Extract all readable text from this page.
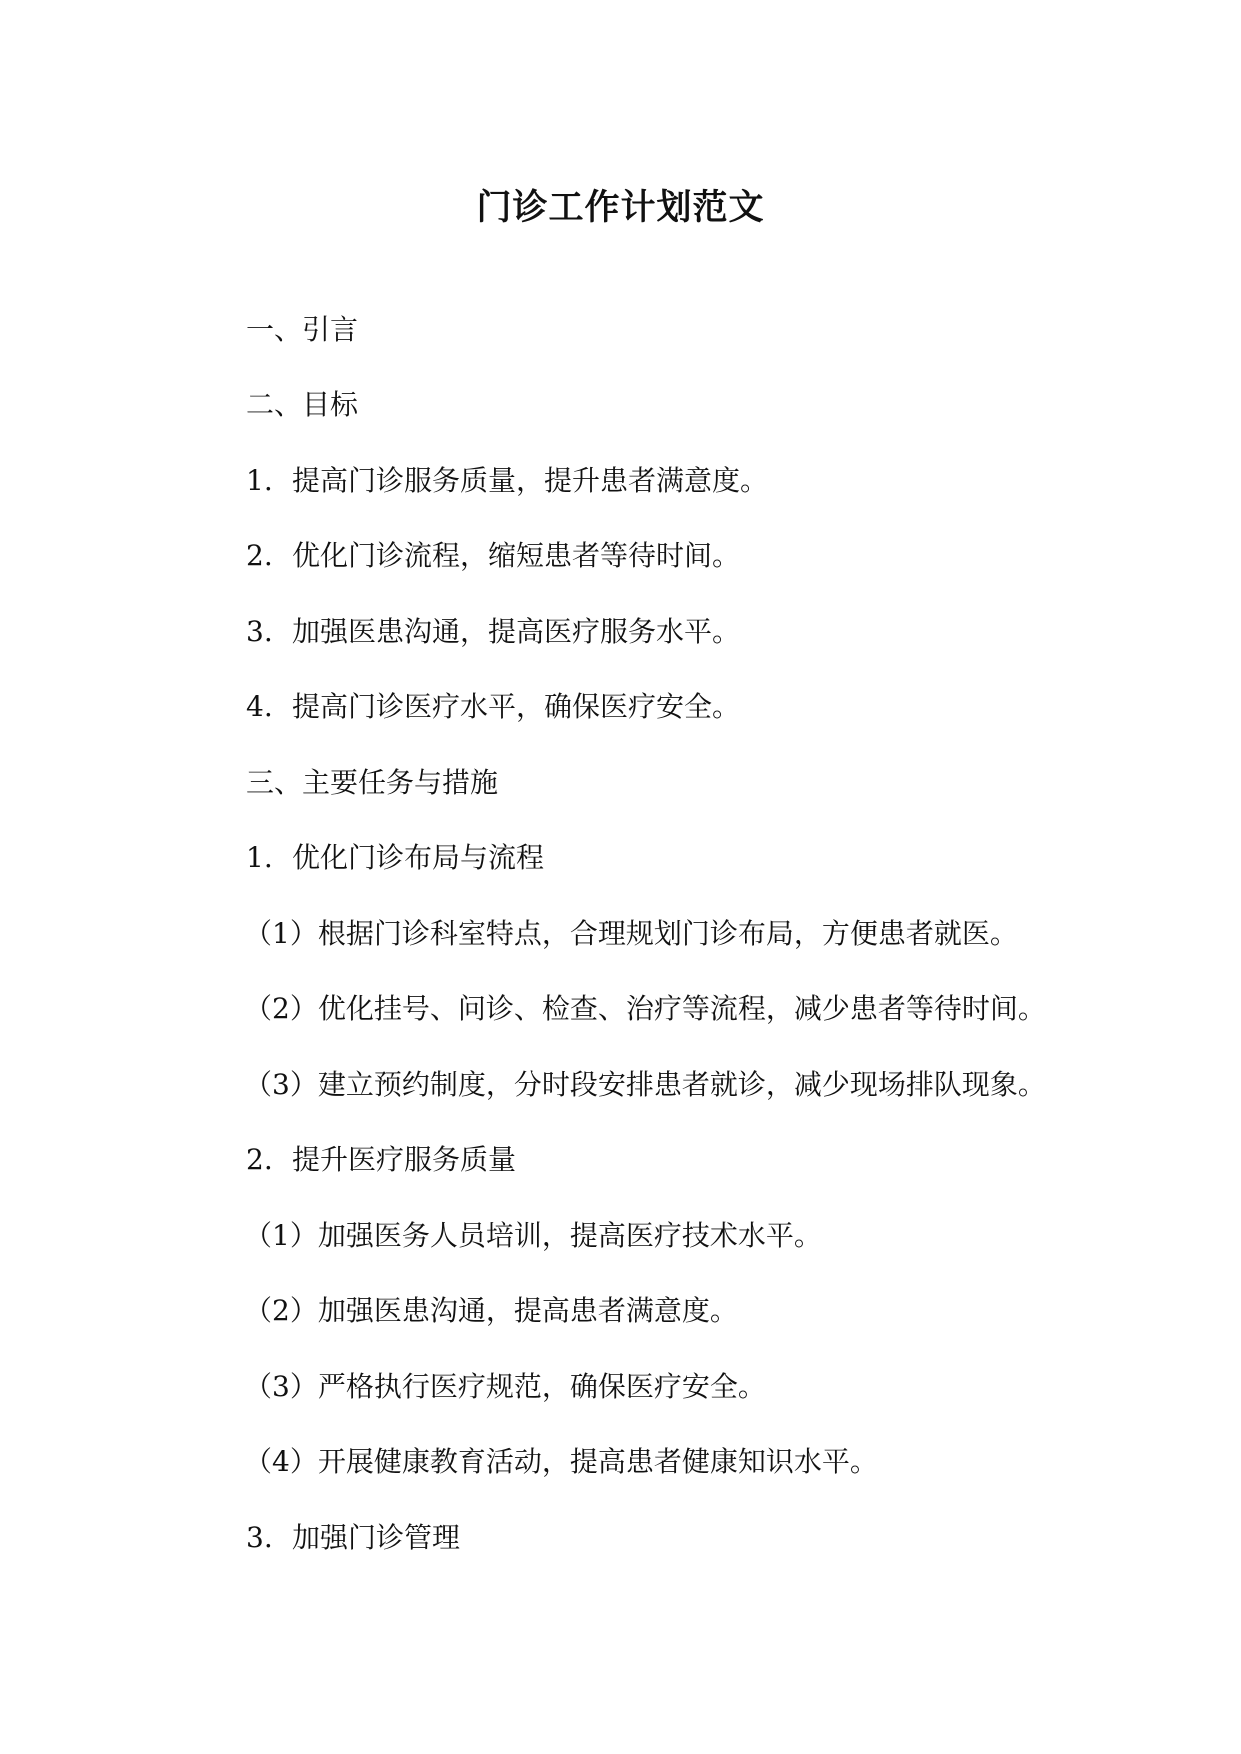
门诊工作计划范文

一、引言

二、目标

1. 提高门诊服务质量，提升患者满意度。

2. 优化门诊流程，缩短患者等待时间。

3. 加强医患沟通，提高医疗服务水平。

4. 提高门诊医疗水平，确保医疗安全。

三、主要任务与措施

1. 优化门诊布局与流程

（1）根据门诊科室特点，合理规划门诊布局，方便患者就医。

（2）优化挂号、问诊、检查、治疗等流程，减少患者等待时间。

（3）建立预约制度，分时段安排患者就诊，减少现场排队现象。

2. 提升医疗服务质量

（1）加强医务人员培训，提高医疗技术水平。

（2）加强医患沟通，提高患者满意度。

（3）严格执行医疗规范，确保医疗安全。

（4）开展健康教育活动，提高患者健康知识水平。

3. 加强门诊管理
